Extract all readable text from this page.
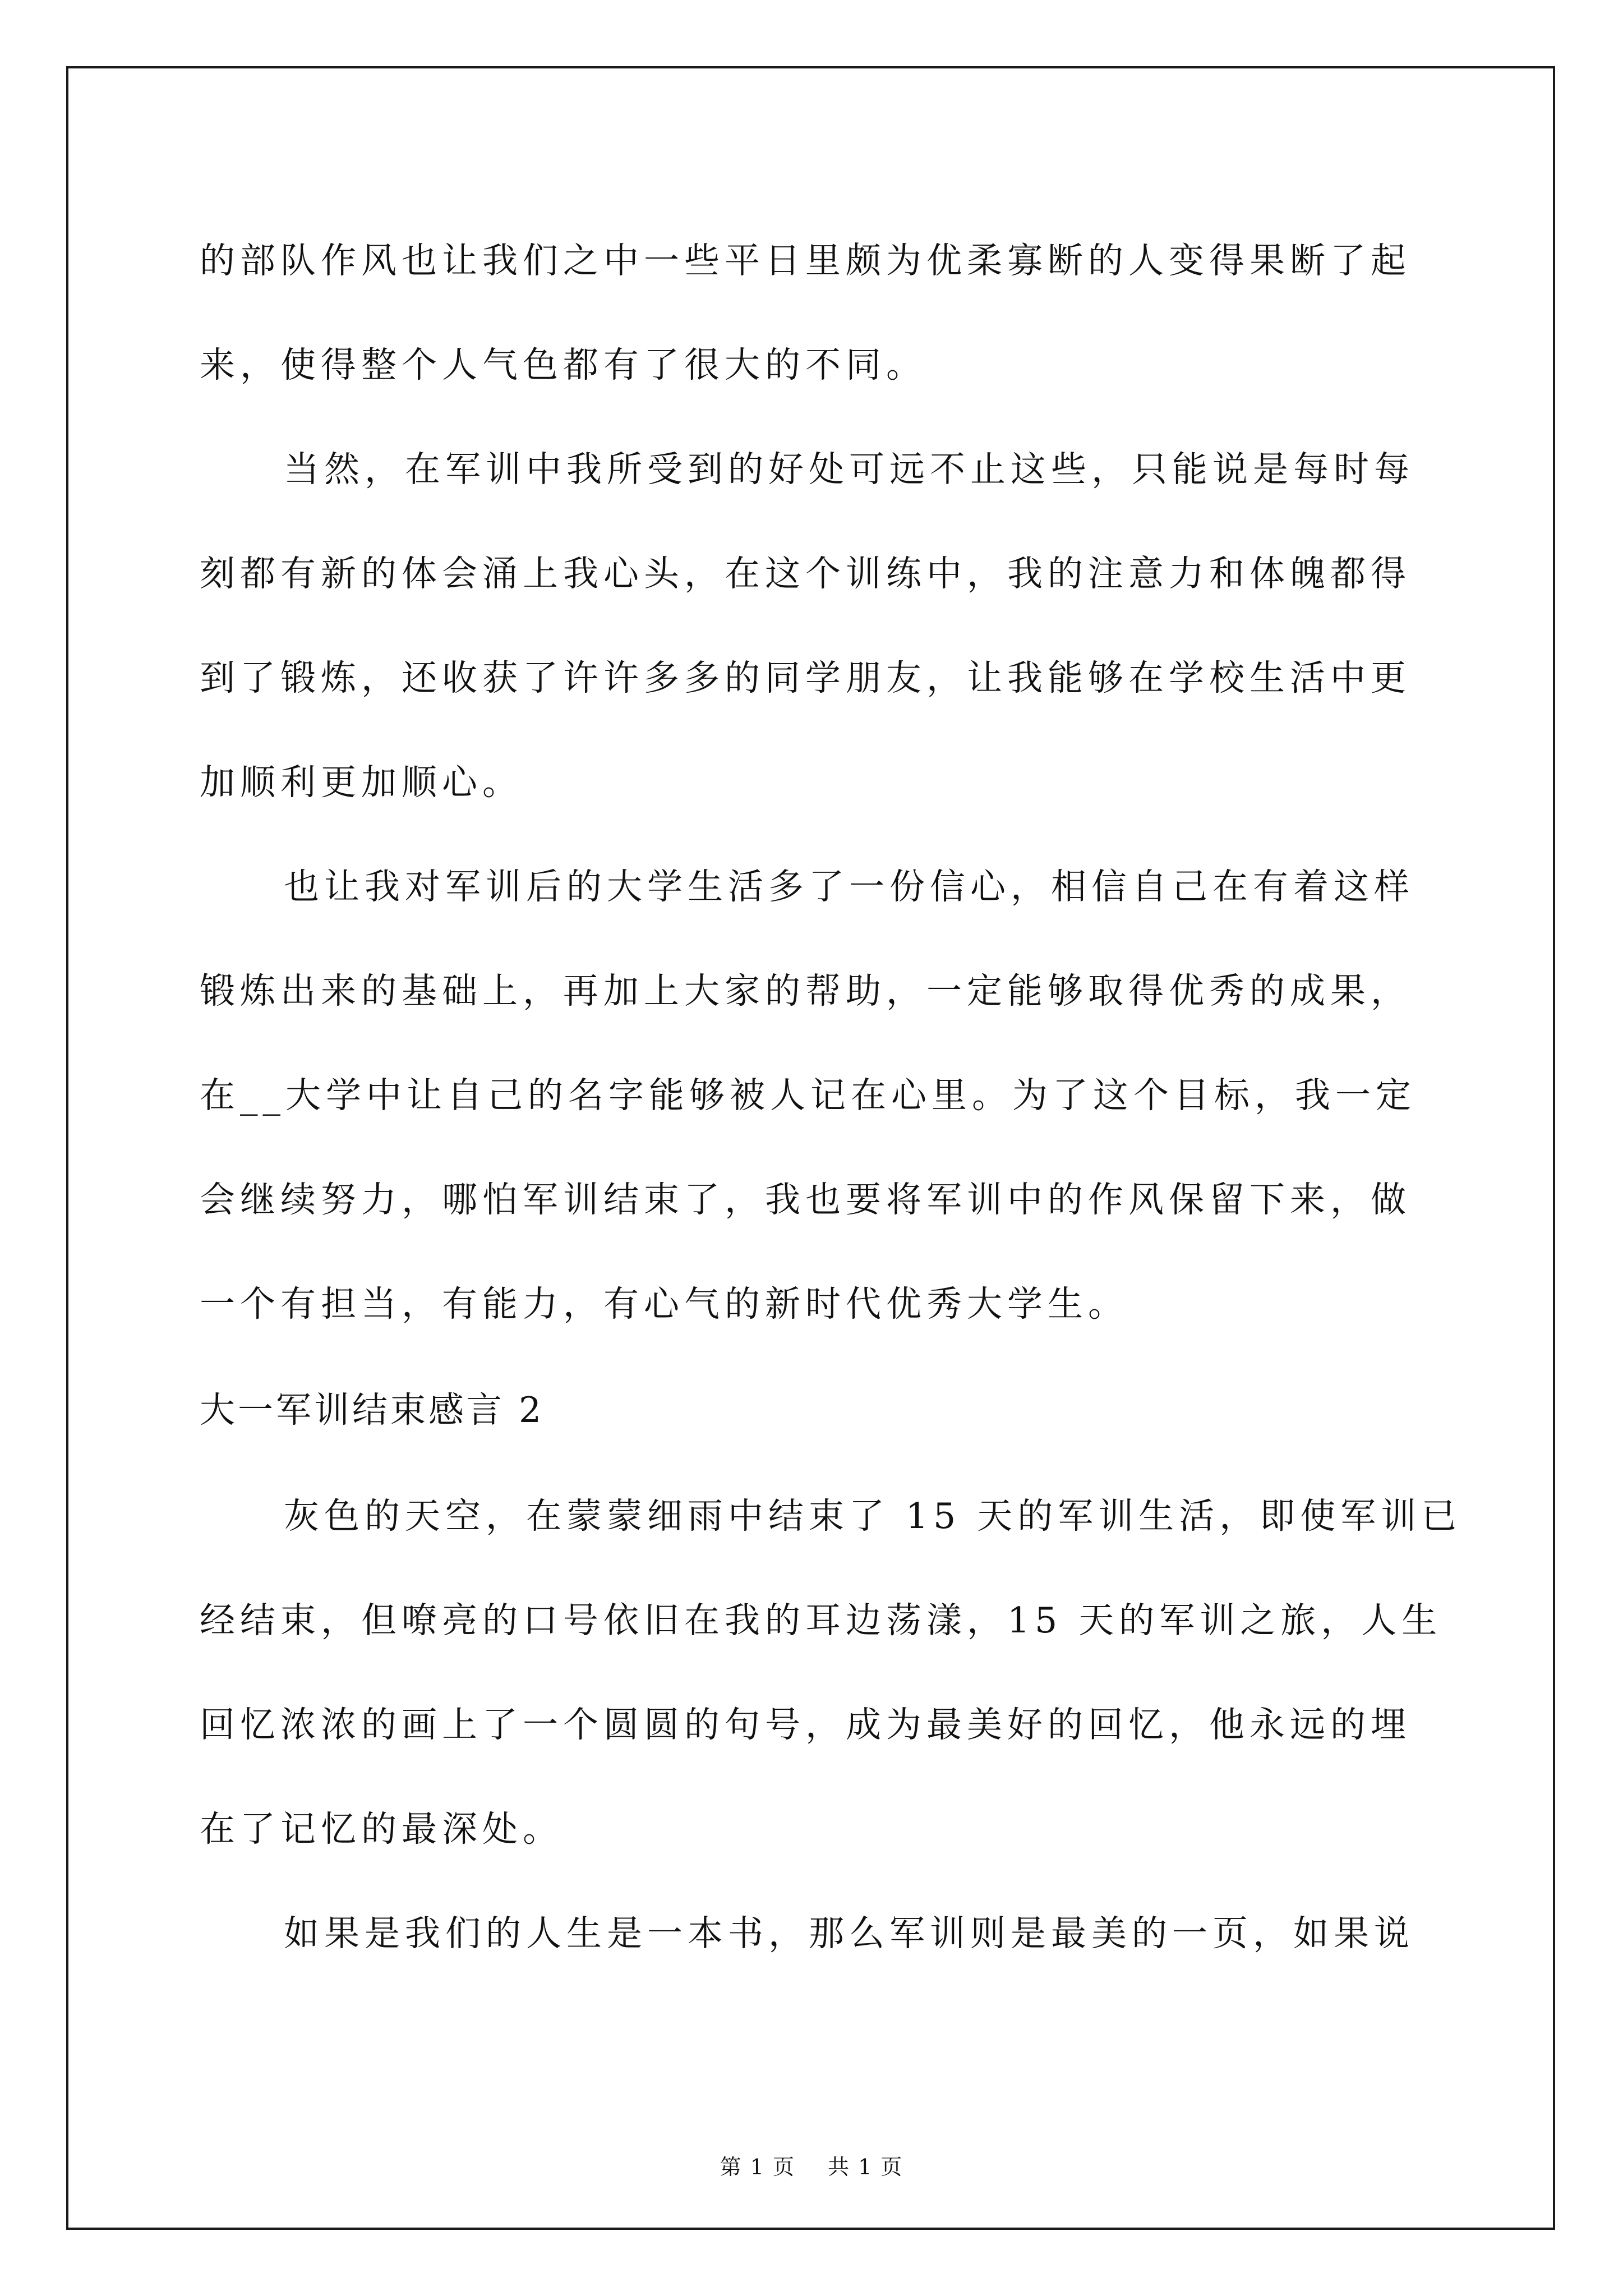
的部队作风也让我们之中一些平日里颇为优柔寡断的人变得果断了起
来，使得整个人气色都有了很大的不同。
当然，在军训中我所受到的好处可远不止这些，只能说是每时每
刻都有新的体会涌上我心头，在这个训练中，我的注意力和体魄都得
到了锻炼，还收获了许许多多的同学朋友，让我能够在学校生活中更
加顺利更加顺心。
也让我对军训后的大学生活多了一份信心，相信自己在有着这样
锻炼出来的基础上，再加上大家的帮助，一定能够取得优秀的成果，
在__大学中让自己的名字能够被人记在心里。为了这个目标，我一定
会继续努力，哪怕军训结束了，我也要将军训中的作风保留下来，做
一个有担当，有能力，有心气的新时代优秀大学生。
大一军训结束感言 2
灰色的天空，在蒙蒙细雨中结束了 15 天的军训生活，即使军训已
经结束，但嘹亮的口号依旧在我的耳边荡漾，15 天的军训之旅，人生
回忆浓浓的画上了一个圆圆的句号，成为最美好的回忆，他永远的埋
在了记忆的最深处。
如果是我们的人生是一本书，那么军训则是最美的一页，如果说
第 1 页 共 1 页
